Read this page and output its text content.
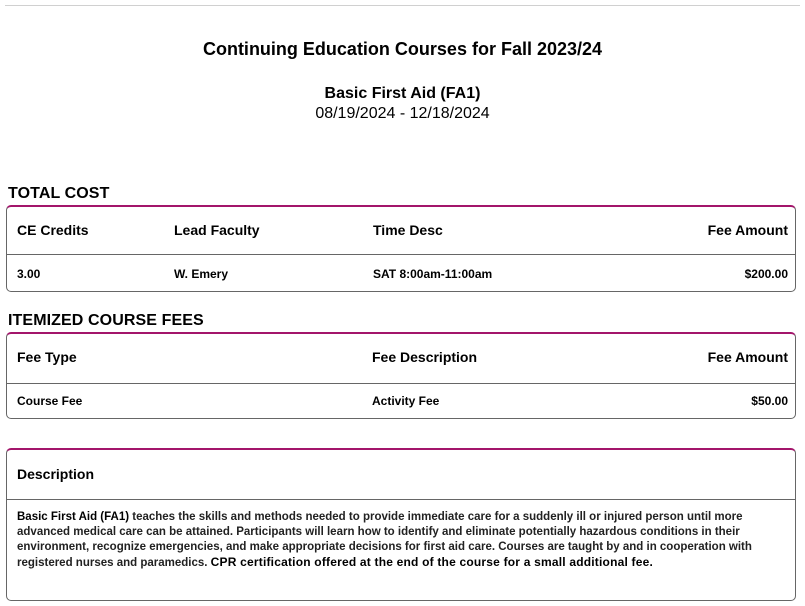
Continuing Education Courses for Fall 2023/24
Basic First Aid (FA1)
08/19/2024 - 12/18/2024
TOTAL COST
CE Credits	Lead Faculty	Time Desc	Fee Amount
3.00	W. Emery	SAT 8:00am-11:00am	$200.00
ITEMIZED COURSE FEES
Fee Type	Fee Description	Fee Amount
Course Fee	Activity Fee	$50.00
Description
Basic First Aid (FA1) teaches the skills and methods needed to provide immediate care for a suddenly ill or injured person until more advanced medical care can be attained. Participants will learn how to identify and eliminate potentially hazardous conditions in their environment, recognize emergencies, and make appropriate decisions for first aid care. Courses are taught by and in cooperation with registered nurses and paramedics. CPR certification offered at the end of the course for a small additional fee.
